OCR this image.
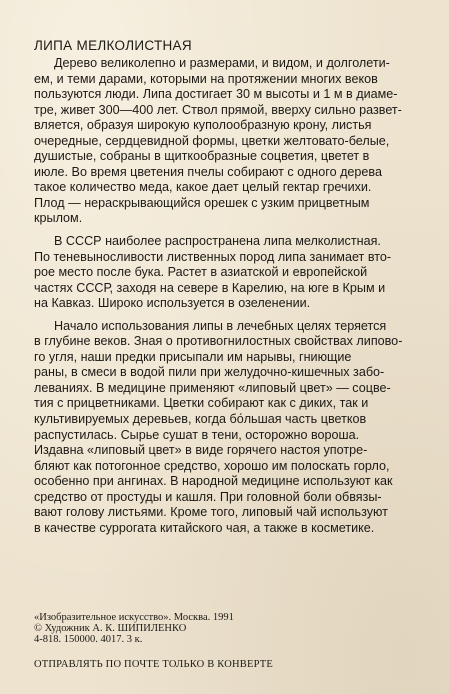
ЛИПА МЕЛКОЛИСТНАЯ
Дерево великолепно и размерами, и видом, и долголети-
ем, и теми дарами, которыми на протяжении многих веков
пользуются люди. Липа достигает 30 м высоты и 1 м в диаме-
тре, живет 300—400 лет. Ствол прямой, вверху сильно развет-
вляется, образуя широкую куполообразную крону, листья
очередные, сердцевидной формы, цветки желтовато-белые,
душистые, собраны в щиткообразные соцветия, цветет в
июле. Во время цветения пчелы собирают с одного дерева
такое количество меда, какое дает целый гектар гречихи.
Плод — нераскрывающийся орешек с узким прицветным
крылом.
В СССР наиболее распространена липа мелколистная.
По теневыносливости лиственных пород липа занимает вто-
рое место после бука. Растет в азиатской и европейской
частях СССР, заходя на севере в Карелию, на юге в Крым и
на Кавказ. Широко используется в озеленении.
Начало использования липы в лечебных целях теряется
в глубине веков. Зная о противогнилостных свойствах липово-
го угля, наши предки присыпали им нарывы, гниющие
раны, в смеси в водой пили при желудочно-кишечных забо-
леваниях. В медицине применяют «липовый цвет» — соцве-
тия с прицветниками. Цветки собирают как с диких, так и
культивируемых деревьев, когда бо́льшая часть цветков
распустилась. Сырье сушат в тени, осторожно вороша.
Издавна «липовый цвет» в виде горячего настоя употре-
бляют как потогонное средство, хорошо им полоскать горло,
особенно при ангинах. В народной медицине используют как
средство от простуды и кашля. При головной боли обвязы-
вают голову листьями. Кроме того, липовый чай используют
в качестве суррогата китайского чая, а также в косметике.
«Изобразительное искусство». Москва. 1991
© Художник А. К. ШИПИЛЕНКО
4-818. 150000. 4017. 3 к.
ОТПРАВЛЯТЬ ПО ПОЧТЕ ТОЛЬКО В КОНВЕРТЕ
